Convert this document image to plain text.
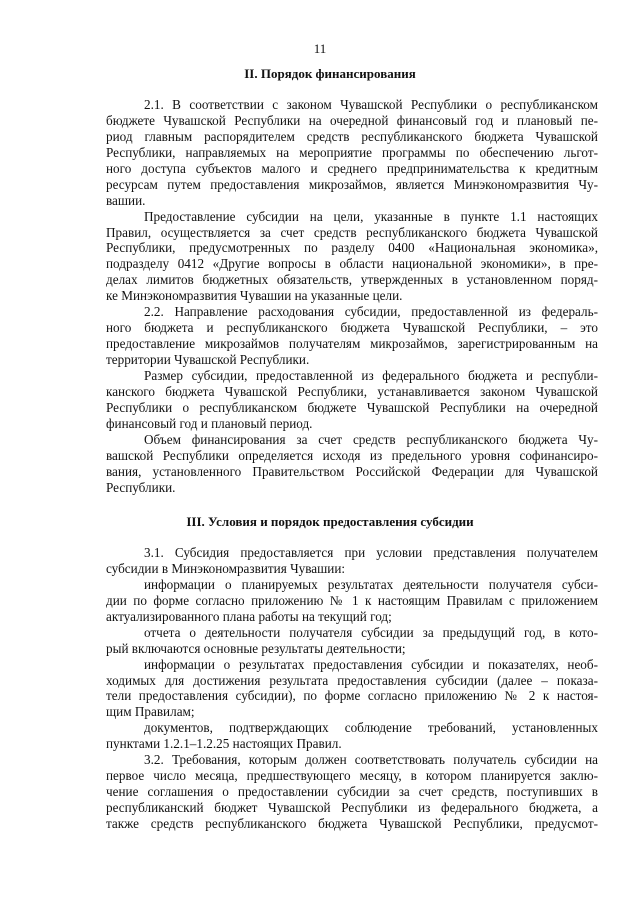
11
II. Порядок финансирования
2.1. В соответствии с законом Чувашской Республики о республиканском
бюджете Чувашской Республики на очередной финансовый год и плановый пе-
риод главным распорядителем средств республиканского бюджета Чувашской
Республики, направляемых на мероприятие программы по обеспечению льгот-
ного доступа субъектов малого и среднего предпринимательства к кредитным
ресурсам путем предоставления микрозаймов, является Минэкономразвития Чу-
вашии.
Предоставление субсидии на цели, указанные в пункте 1.1 настоящих
Правил, осуществляется за счет средств республиканского бюджета Чувашской
Республики, предусмотренных по разделу 0400 «Национальная экономика»,
подразделу 0412 «Другие вопросы в области национальной экономики», в пре-
делах лимитов бюджетных обязательств, утвержденных в установленном поряд-
ке Минэкономразвития Чувашии на указанные цели.
2.2. Направление расходования субсидии, предоставленной из федераль-
ного бюджета и республиканского бюджета Чувашской Республики, – это
предоставление микрозаймов получателям микрозаймов, зарегистрированным на
территории Чувашской Республики.
Размер субсидии, предоставленной из федерального бюджета и республи-
канского бюджета Чувашской Республики, устанавливается законом Чувашской
Республики о республиканском бюджете Чувашской Республики на очередной
финансовый год и плановый период.
Объем финансирования за счет средств республиканского бюджета Чу-
вашской Республики определяется исходя из предельного уровня софинансиро-
вания, установленного Правительством Российской Федерации для Чувашской
Республики.
III. Условия и порядок предоставления субсидии
3.1. Субсидия предоставляется при условии представления получателем
субсидии в Минэкономразвития Чувашии:
информации о планируемых результатах деятельности получателя субси-
дии по форме согласно приложению № 1 к настоящим Правилам с приложением
актуализированного плана работы на текущий год;
отчета о деятельности получателя субсидии за предыдущий год, в кото-
рый включаются основные результаты деятельности;
информации о результатах предоставления субсидии и показателях, необ-
ходимых для достижения результата предоставления субсидии (далее – показа-
тели предоставления субсидии), по форме согласно приложению № 2 к настоя-
щим Правилам;
документов, подтверждающих соблюдение требований, установленных
пунктами 1.2.1–1.2.25 настоящих Правил.
3.2. Требования, которым должен соответствовать получатель субсидии на
первое число месяца, предшествующего месяцу, в котором планируется заклю-
чение соглашения о предоставлении субсидии за счет средств, поступивших в
республиканский бюджет Чувашской Республики из федерального бюджета, а
также средств республиканского бюджета Чувашской Республики, предусмот-
